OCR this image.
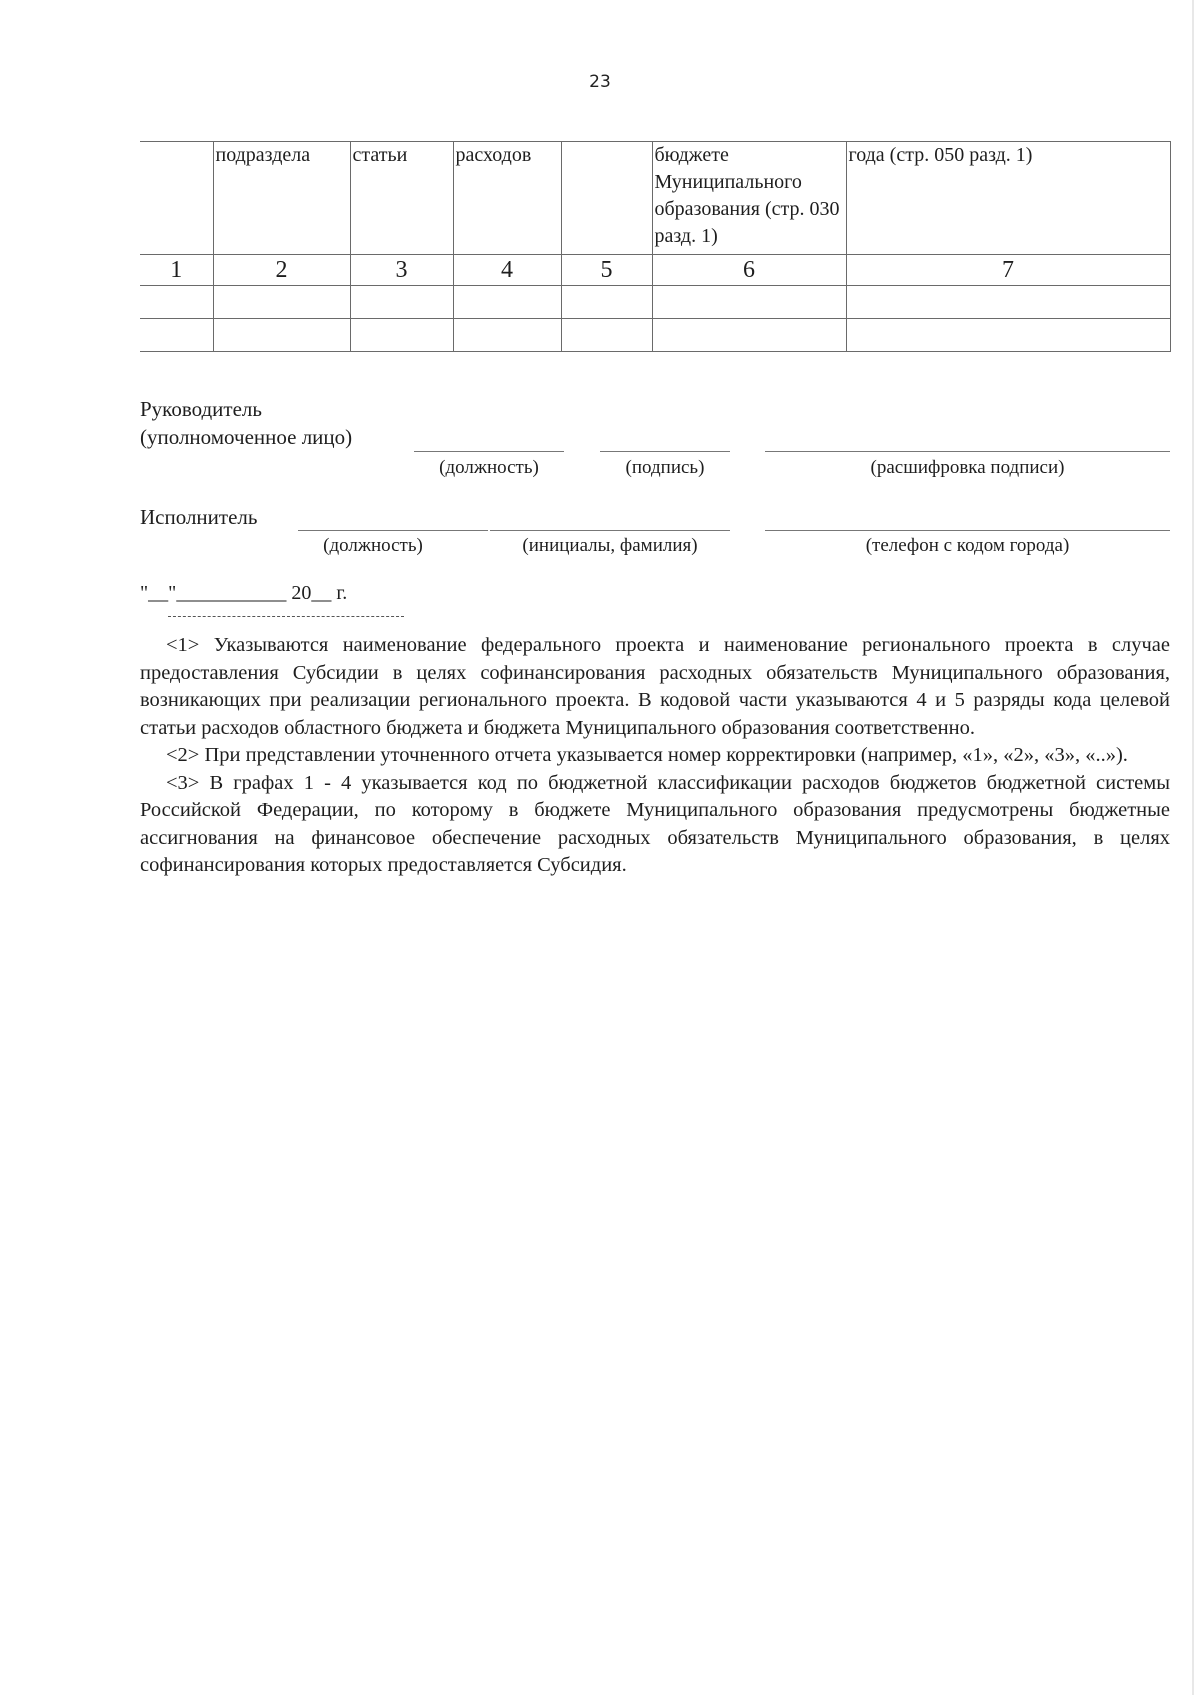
23
	подраздела	статьи	расходов		бюджете Муниципального образования (стр. 030 разд. 1)	года (стр. 050 разд. 1)
1	2	3	4	5	6	7

Руководитель
(уполномоченное лицо)
(должность)	(подпись)	(расшифровка подписи)
Исполнитель
(должность)	(инициалы, фамилия)	(телефон с кодом города)
"__"___________ 20__ г.

<1> Указываются наименование федерального проекта и наименование регионального проекта в случае предоставления Субсидии в целях софинансирования расходных обязательств Муниципального образования, возникающих при реализации регионального проекта. В кодовой части указываются 4 и 5 разряды кода целевой статьи расходов областного бюджета и бюджета Муниципального образования соответственно.

<2> При представлении уточненного отчета указывается номер корректировки (например, «1», «2», «3», «..»).

<3> В графах 1 - 4 указывается код по бюджетной классификации расходов бюджетов бюджетной системы Российской Федерации, по которому в бюджете Муниципального образования предусмотрены бюджетные ассигнования на финансовое обеспечение расходных обязательств Муниципального образования, в целях софинансирования которых предоставляется Субсидия.
